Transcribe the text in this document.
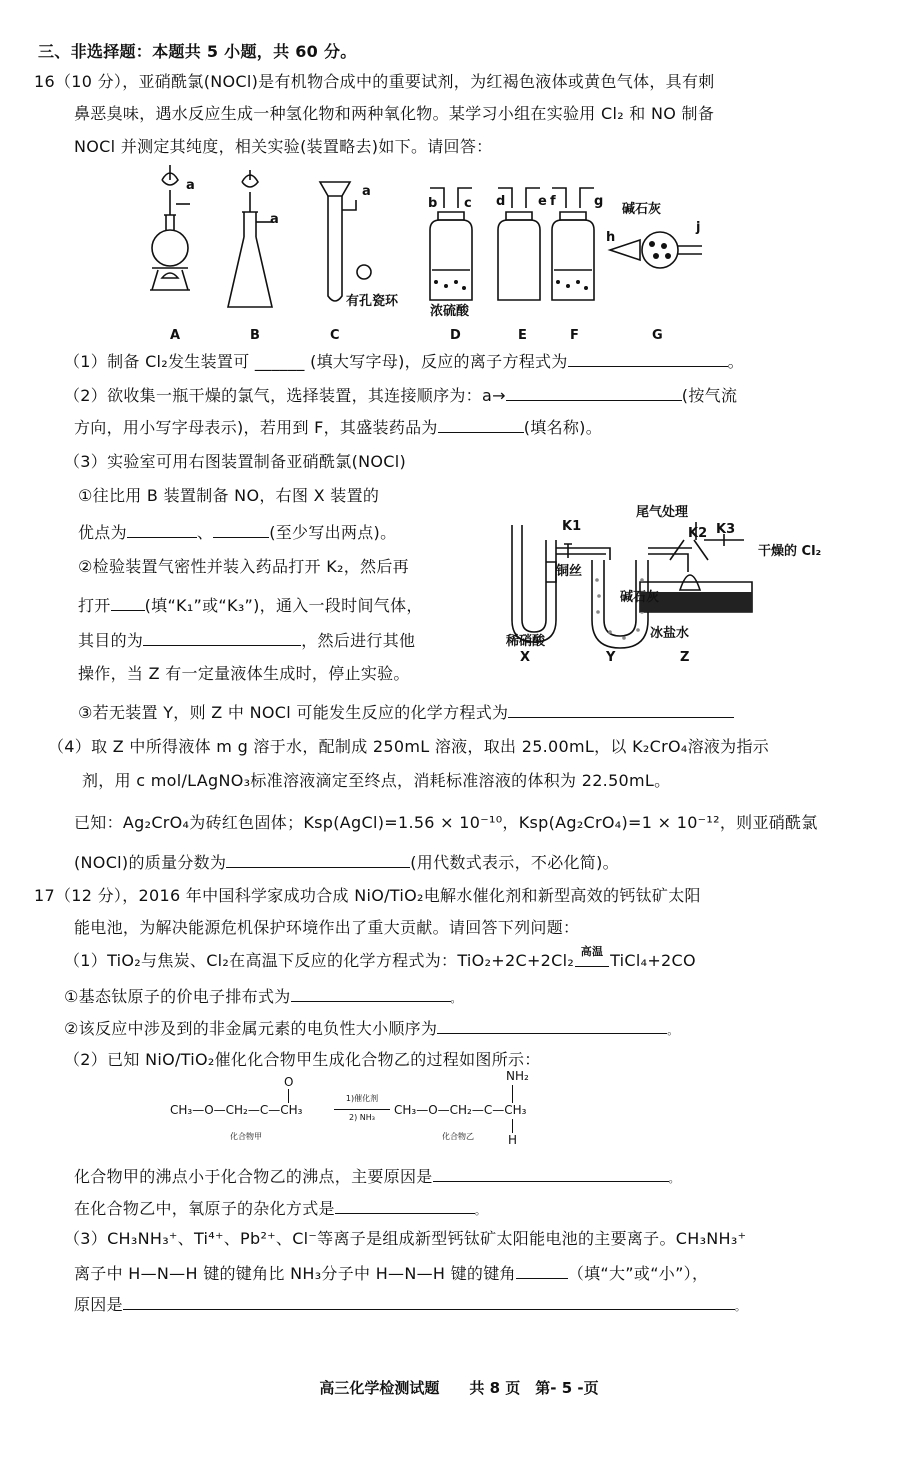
三、非选择题：本题共 5 小题，共 60 分。
16（10 分），亚硝酰氯(NOCl)是有机物合成中的重要试剂，为红褐色液体或黄色气体，具有刺
鼻恶臭味，遇水反应生成一种氢化物和两种氧化物。某学习小组在实验用 Cl₂ 和 NO 制备
NOCl 并测定其纯度，相关实验(装置略去)如下。请回答：
a
a
a
b c d	e f	g
h
j
有孔瓷环
浓硫酸
碱石灰
A	B	C	D	E	F	G
（1）制备 Cl₂发生装置可 ______ (填大写字母)，反应的离子方程式为	。
（2）欲收集一瓶干燥的氯气，选择装置，其连接顺序为：a→	(按气流
方向，用小写字母表示)，若用到 F，其盛装药品为	(填名称)。
（3）实验室可用右图装置制备亚硝酰氯(NOCl)
①往比用 B 装置制备 NO，右图 X 装置的
优点为	、	(至少写出两点)。
②检验装置气密性并装入药品打开 K₂，然后再
打开 (填“K₁”或“K₃”)，通入一段时间气体，
其目的为	，然后进行其他
操作，当 Z 有一定量液体生成时，停止实验。
尾气处理
K1	K2 K3
干燥的 Cl₂
铜丝
碱石灰
稀硝酸
冰盐水
X	Y	Z
③若无装置 Y，则 Z 中 NOCl 可能发生反应的化学方程式为
（4）取 Z 中所得液体 m g 溶于水，配制成 250mL 溶液，取出 25.00mL，以 K₂CrO₄溶液为指示
剂，用 c mol/LAgNO₃标准溶液滴定至终点，消耗标准溶液的体积为 22.50mL。
已知：Ag₂CrO₄为砖红色固体；Ksp(AgCl)=1.56 × 10⁻¹⁰，Ksp(Ag₂CrO₄)=1 × 10⁻¹²，则亚硝酰氯
(NOCl)的质量分数为	(用代数式表示，不必化简)。
17（12 分），2016 年中国科学家成功合成 NiO/TiO₂电解水催化剂和新型高效的钙钛矿太阳
能电池，为解决能源危机保护环境作出了重大贡献。请回答下列问题：
（1）TiO₂与焦炭、Cl₂在高温下反应的化学方程式为：TiO₂+2C+2Cl₂ 高温 TiCl₄+2CO
①基态钛原子的价电子排布式为	。
②该反应中涉及到的非金属元素的电负性大小顺序为	。
（2）已知 NiO/TiO₂催化化合物甲生成化合物乙的过程如图所示：
O
CH₃—O—CH₂—C—CH₃
1)催化剂
2) NH₃
NH₂
CH₃—O—CH₂—C—CH₃
H
化合物甲	化合物乙
化合物甲的沸点小于化合物乙的沸点，主要原因是	。
在化合物乙中，氧原子的杂化方式是	。
（3）CH₃NH₃⁺、Ti⁴⁺、Pb²⁺、Cl⁻等离子是组成新型钙钛矿太阳能电池的主要离子。CH₃NH₃⁺
离子中 H—N—H 键的键角比 NH₃分子中 H—N—H 键的键角	（填“大”或“小”），
原因是	。
高三化学检测试题　　共 8 页　第- 5 -页
